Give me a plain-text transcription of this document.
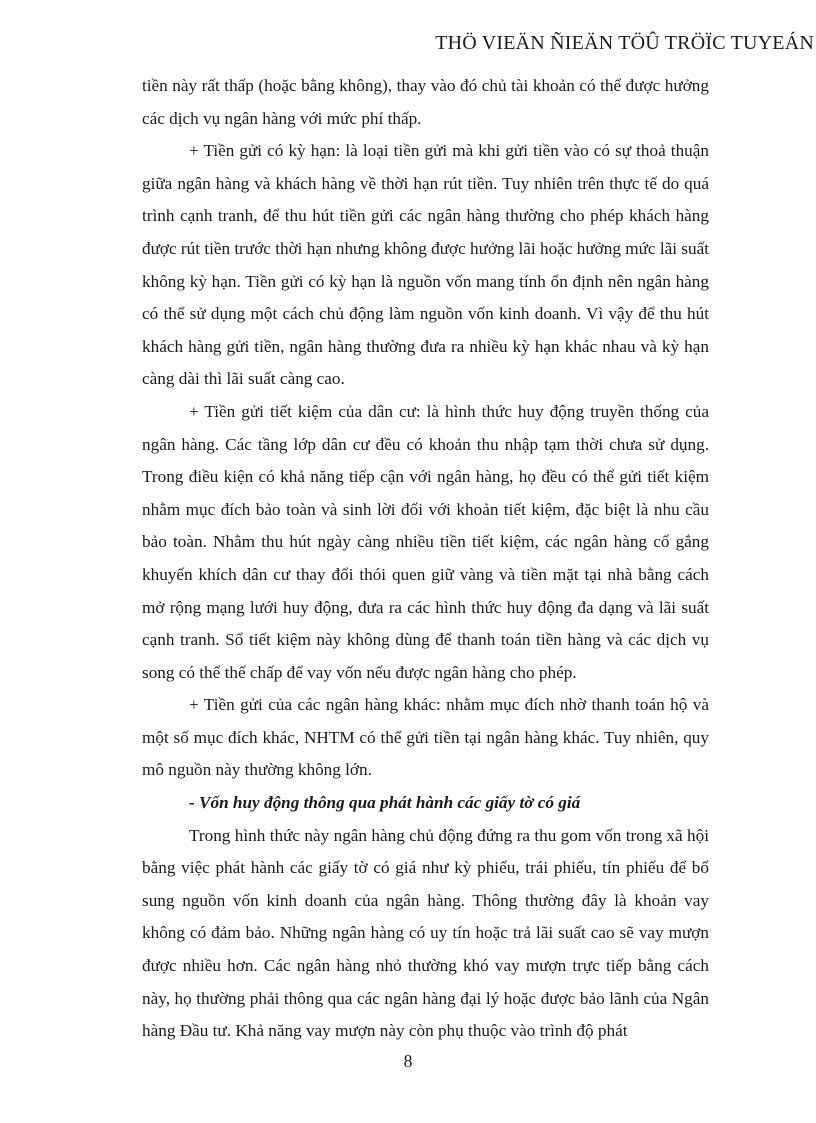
THÖ VIEÄN ÑIEÄN TÖÛ TRÖÏC TUYEÁN

tiền này rất thấp (hoặc bằng không), thay vào đó chủ tài khoản có thể được hưởng các dịch vụ ngân hàng với mức phí thấp.

+ Tiền gửi có kỳ hạn: là loại tiền gửi mà khi gửi tiền vào có sự thoả thuận giữa ngân hàng và khách hàng về thời hạn rút tiền. Tuy nhiên trên thực tế do quá trình cạnh tranh, để thu hút tiền gửi các ngân hàng thường cho phép khách hàng được rút tiền trước thời hạn nhưng không được hưởng lãi hoặc hưởng mức lãi suất không kỳ hạn. Tiền gửi có kỳ hạn là nguồn vốn mang tính ổn định nên ngân hàng có thể sử dụng một cách chủ động làm nguồn vốn kinh doanh. Vì vậy để thu hút khách hàng gửi tiền, ngân hàng thường đưa ra nhiều kỳ hạn khác nhau và kỳ hạn càng dài thì lãi suất càng cao.

+ Tiền gửi tiết kiệm của dân cư: là hình thức huy động truyền thống của ngân hàng. Các tầng lớp dân cư đều có khoản thu nhập tạm thời chưa sử dụng. Trong điều kiện có khả năng tiếp cận với ngân hàng, họ đều có thể gửi tiết kiệm nhằm mục đích bảo toàn và sinh lời đối với khoản tiết kiệm, đặc biệt là nhu cầu bảo toàn. Nhằm thu hút ngày càng nhiều tiền tiết kiệm, các ngân hàng cố gắng khuyến khích dân cư thay đổi thói quen giữ vàng và tiền mặt tại nhà bằng cách mở rộng mạng lưới huy động, đưa ra các hình thức huy động đa dạng và lãi suất cạnh tranh. Sổ tiết kiệm này không dùng để thanh toán tiền hàng và các dịch vụ song có thể thế chấp để vay vốn nếu được ngân hàng cho phép.

+ Tiền gửi của các ngân hàng khác: nhằm mục đích nhờ thanh toán hộ và một số mục đích khác, NHTM có thể gửi tiền tại ngân hàng khác. Tuy nhiên, quy mô nguồn này thường không lớn.

- Vốn huy động thông qua phát hành các giấy tờ có giá

Trong hình thức này ngân hàng chủ động đứng ra thu gom vốn trong xã hội bằng việc phát hành các giấy tờ có giá như kỳ phiếu, trái phiếu, tín phiếu để bổ sung nguồn vốn kinh doanh của ngân hàng. Thông thường đây là khoản vay không có đảm bảo. Những ngân hàng có uy tín hoặc trả lãi suất cao sẽ vay mượn được nhiều hơn. Các ngân hàng nhỏ thường khó vay mượn trực tiếp bằng cách này, họ thường phải thông qua các ngân hàng đại lý hoặc được bảo lãnh của Ngân hàng Đầu tư. Khả năng vay mượn này còn phụ thuộc vào trình độ phát

8
